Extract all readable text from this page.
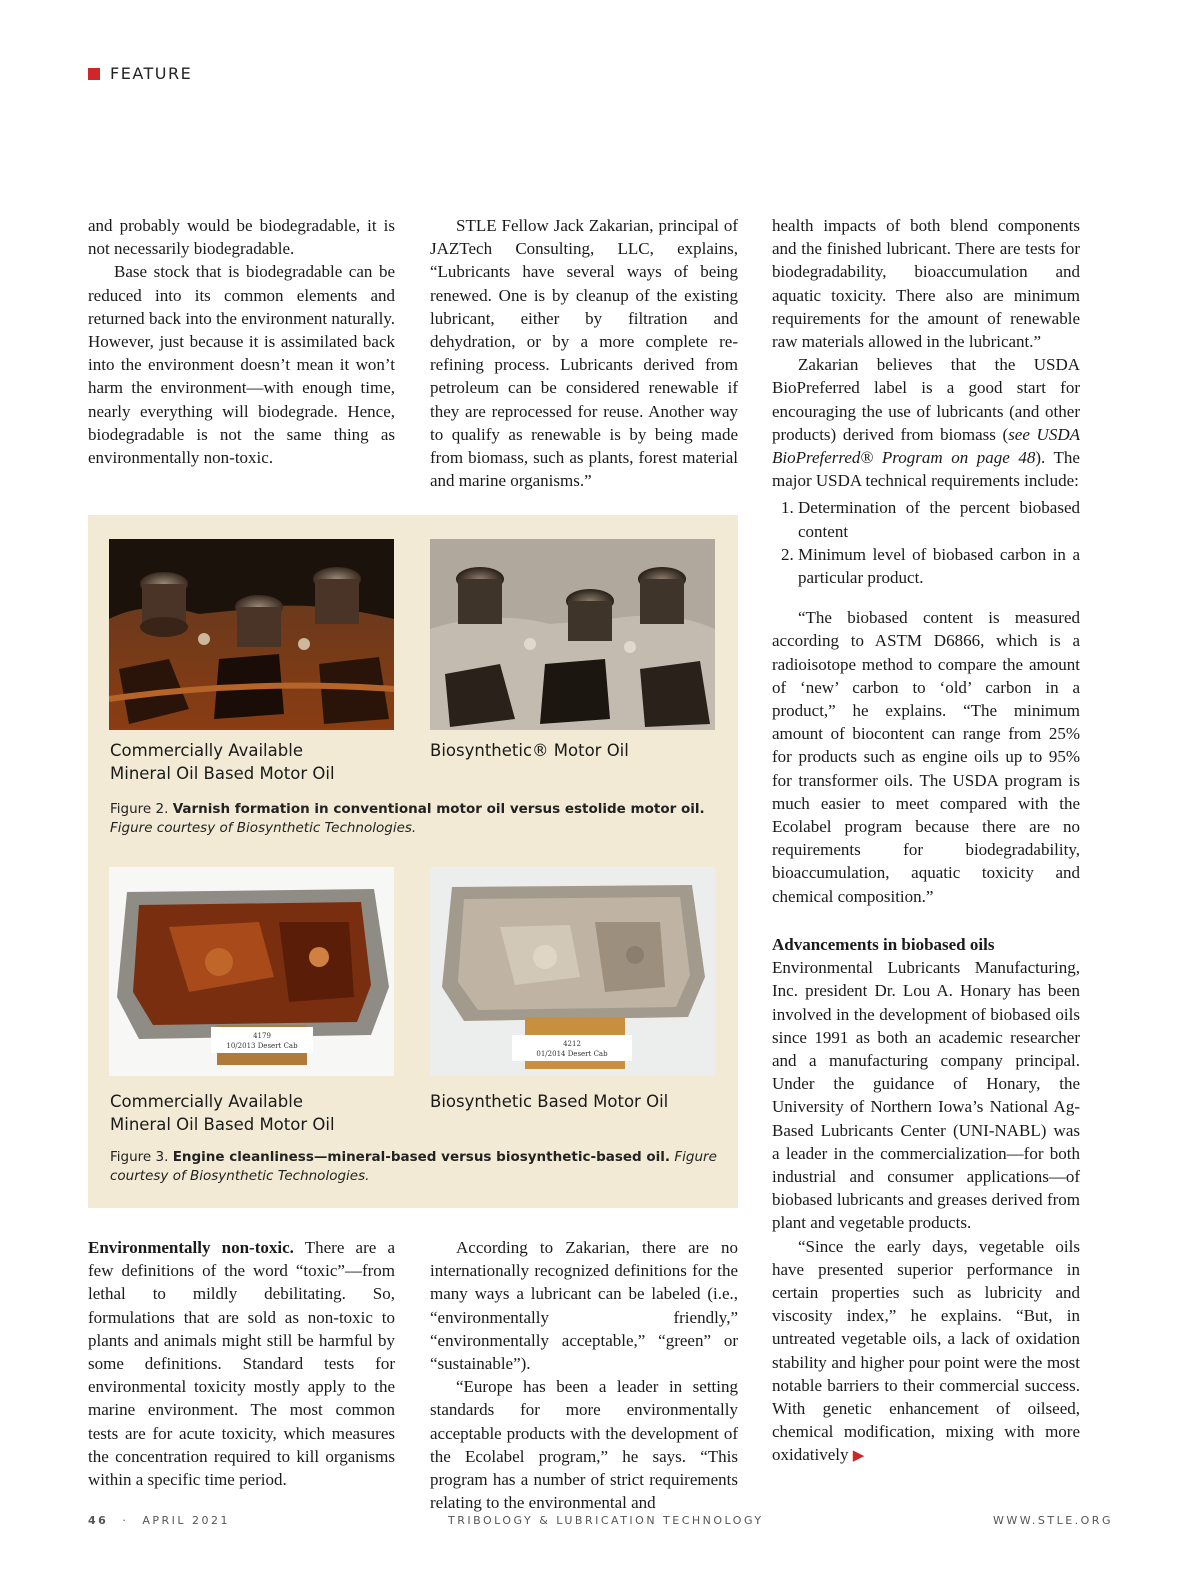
FEATURE

and probably would be biodegradable, it is not necessarily biodegradable.

Base stock that is biodegradable can be reduced into its common elements and returned back into the environment naturally. However, just because it is assimilated back into the environment doesn’t mean it won’t harm the environment—with enough time, nearly everything will biodegrade. Hence, biodegradable is not the same thing as environmentally non-toxic.

STLE Fellow Jack Zakarian, principal of JAZTech Consulting, LLC, explains, “Lubricants have several ways of being renewed. One is by cleanup of the existing lubricant, either by filtration and dehydration, or by a more complete re-refining process. Lubricants derived from petroleum can be considered renewable if they are reprocessed for reuse. Another way to qualify as renewable is by being made from biomass, such as plants, forest material and marine organisms.”

health impacts of both blend components and the finished lubricant. There are tests for biodegradability, bioaccumulation and aquatic toxicity. There also are minimum requirements for the amount of renewable raw materials allowed in the lubricant.”

Zakarian believes that the USDA BioPreferred label is a good start for encouraging the use of lubricants (and other products) derived from biomass (see USDA BioPreferred® Program on page 48). The major USDA technical requirements include:

1. Determination of the percent biobased content
2. Minimum level of biobased carbon in a particular product.

“The biobased content is measured according to ASTM D6866, which is a radioisotope method to compare the amount of ‘new’ carbon to ‘old’ carbon in a product,” he explains. “The minimum amount of biocontent can range from 25% for products such as engine oils up to 95% for transformer oils. The USDA program is much easier to meet compared with the Ecolabel program because there are no requirements for biodegradability, bioaccumulation, aquatic toxicity and chemical composition.”

Advancements in biobased oils

Environmental Lubricants Manufacturing, Inc. president Dr. Lou A. Honary has been involved in the development of biobased oils since 1991 as both an academic researcher and a manufacturing company principal. Under the guidance of Honary, the University of Northern Iowa’s National Ag-Based Lubricants Center (UNI-NABL) was a leader in the commercialization—for both industrial and consumer applications—of biobased lubricants and greases derived from plant and vegetable products.

“Since the early days, vegetable oils have presented superior performance in certain properties such as lubricity and viscosity index,” he explains. “But, in untreated vegetable oils, a lack of oxidation stability and higher pour point were the most notable barriers to their commercial success. With genetic enhancement of oilseed, chemical modification, mixing with more oxidatively ▶

Commercially Available
Mineral Oil Based Motor Oil
Biosynthetic® Motor Oil
Figure 2. Varnish formation in conventional motor oil versus estolide motor oil. Figure courtesy of Biosynthetic Technologies.
4179
10/2013 Desert Cab	4212
01/2014 Desert Cab
Commercially Available
Mineral Oil Based Motor Oil
Biosynthetic Based Motor Oil
Figure 3. Engine cleanliness—mineral-based versus biosynthetic-based oil. Figure courtesy of Biosynthetic Technologies.

Environmentally non-toxic. There are a few definitions of the word “toxic”—from lethal to mildly debilitating. So, formulations that are sold as non-toxic to plants and animals might still be harmful by some definitions. Standard tests for environmental toxicity mostly apply to the marine environment. The most common tests are for acute toxicity, which measures the concentration required to kill organisms within a specific time period.

According to Zakarian, there are no internationally recognized definitions for the many ways a lubricant can be labeled (i.e., “environmentally friendly,” “environmentally acceptable,” “green” or “sustainable”).

“Europe has been a leader in setting standards for more environmentally acceptable products with the development of the Ecolabel program,” he says. “This program has a number of strict requirements relating to the environmental and

46 · APRIL 2021	TRIBOLOGY & LUBRICATION TECHNOLOGY	WWW.STLE.ORG
